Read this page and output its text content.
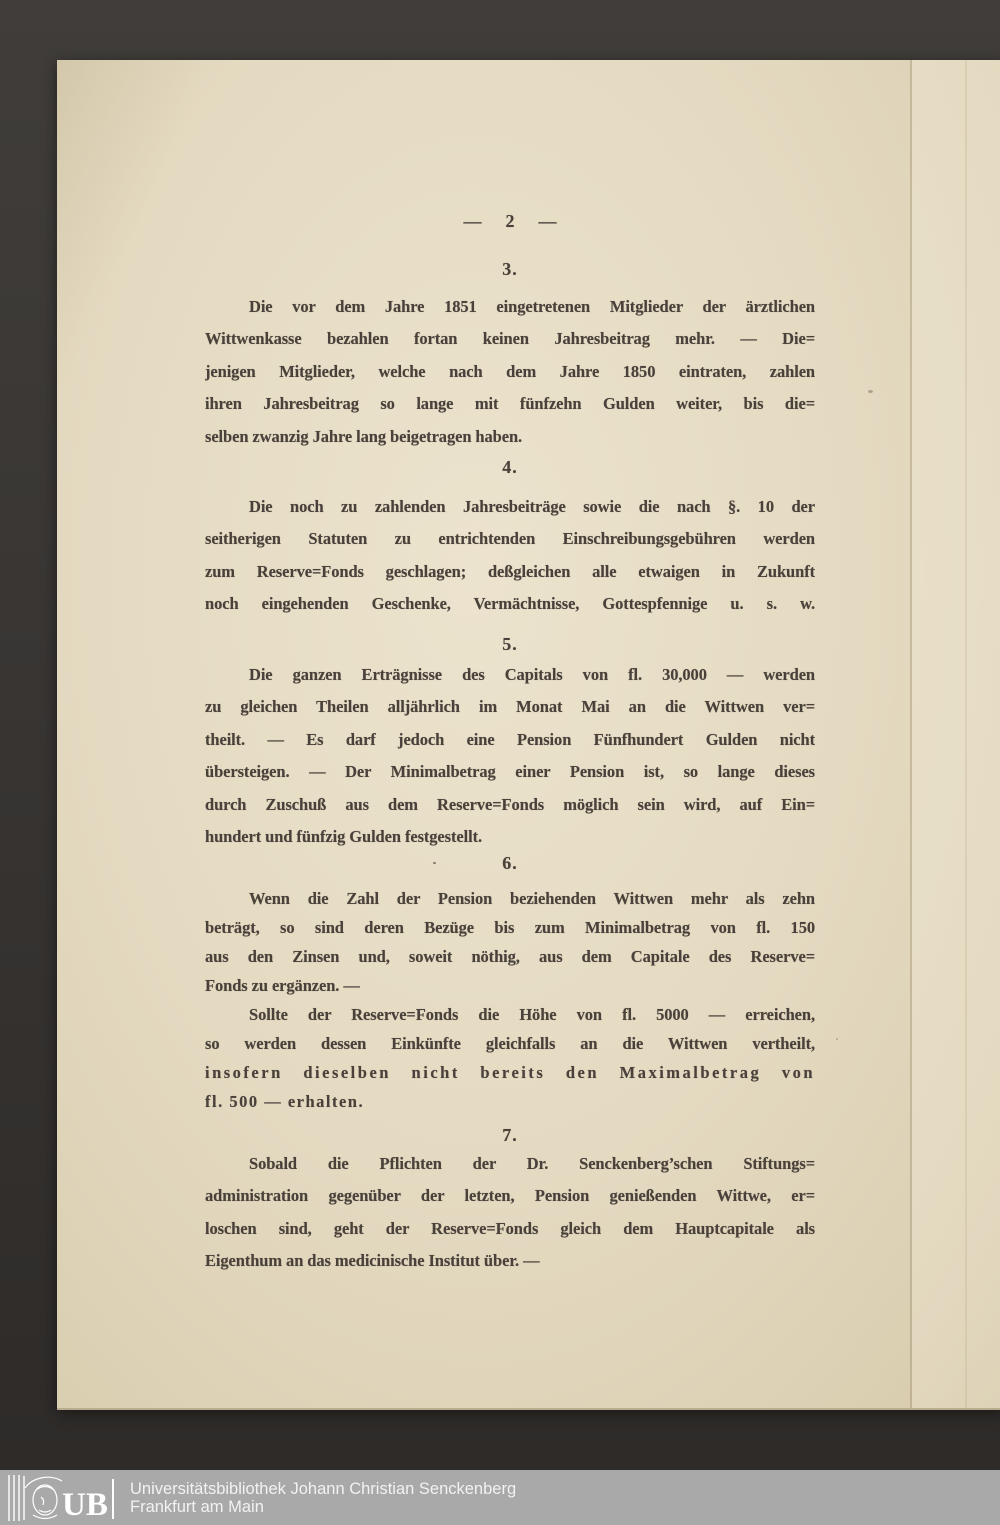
— 2 —
3.
Die vor dem Jahre 1851 eingetretenen Mitglieder der ärztlichen
Wittwenkasse bezahlen fortan keinen Jahresbeitrag mehr. — Die=
jenigen Mitglieder, welche nach dem Jahre 1850 eintraten, zahlen
ihren Jahresbeitrag so lange mit fünfzehn Gulden weiter, bis die=
selben zwanzig Jahre lang beigetragen haben.
4.
Die noch zu zahlenden Jahresbeiträge sowie die nach §. 10 der
seitherigen Statuten zu entrichtenden Einschreibungsgebühren werden
zum Reserve=Fonds geschlagen; deßgleichen alle etwaigen in Zukunft
noch eingehenden Geschenke, Vermächtnisse, Gottespfennige u. s. w.
5.
Die ganzen Erträgnisse des Capitals von fl. 30,000 — werden
zu gleichen Theilen alljährlich im Monat Mai an die Wittwen ver=
theilt. — Es darf jedoch eine Pension Fünfhundert Gulden nicht
übersteigen. — Der Minimalbetrag einer Pension ist, so lange dieses
durch Zuschuß aus dem Reserve=Fonds möglich sein wird, auf Ein=
hundert und fünfzig Gulden festgestellt.
6.
Wenn die Zahl der Pension beziehenden Wittwen mehr als zehn
beträgt, so sind deren Bezüge bis zum Minimalbetrag von fl. 150
aus den Zinsen und, soweit nöthig, aus dem Capitale des Reserve=
Fonds zu ergänzen. —
Sollte der Reserve=Fonds die Höhe von fl. 5000 — erreichen,
so werden dessen Einkünfte gleichfalls an die Wittwen vertheilt,
insofern dieselben nicht bereits den Maximalbetrag von
fl. 500 — erhalten.
7.
Sobald die Pflichten der Dr. Senckenberg’schen Stiftungs=
administration gegenüber der letzten, Pension genießenden Wittwe, er=
loschen sind, geht der Reserve=Fonds gleich dem Hauptcapitale als
Eigenthum an das medicinische Institut über. —
UB Universitätsbibliothek Johann Christian Senckenberg
Frankfurt am Main
